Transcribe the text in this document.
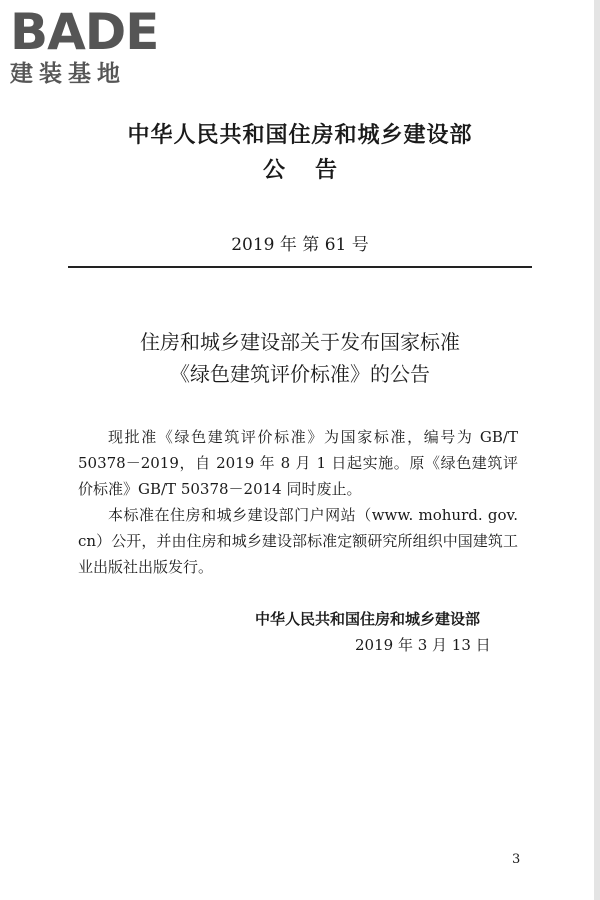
BADE
建装基地
中华人民共和国住房和城乡建设部
公告
2019 年 第 61 号
住房和城乡建设部关于发布国家标准
《绿色建筑评价标准》的公告

现批准《绿色建筑评价标准》为国家标准，编号为 GB/T 50378－2019，自 2019 年 8 月 1 日起实施。原《绿色建筑评价标准》GB/T 50378－2014 同时废止。

本标准在住房和城乡建设部门户网站（www. mohurd. gov. cn）公开，并由住房和城乡建设部标准定额研究所组织中国建筑工业出版社出版发行。

中华人民共和国住房和城乡建设部
2019 年 3 月 13 日
3
